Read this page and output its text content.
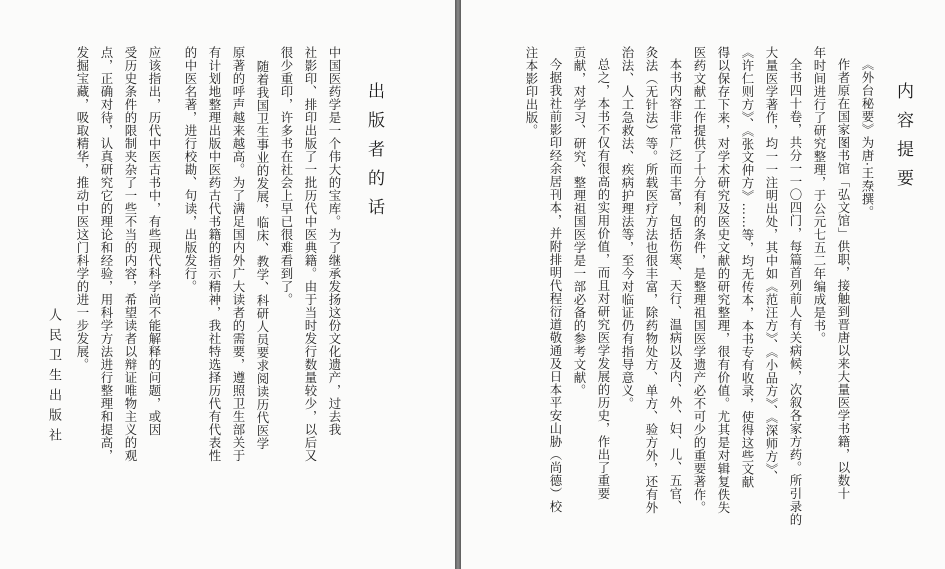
出版者的话
中国医药学是一个伟大的宝库。为了继承发扬这份文化遗产，过去我
社影印、排印出版了一批历代中医典籍。由于当时发行数量较少，以后又
很少重印，许多书在社会上早已很难看到了。
随着我国卫生事业的发展，临床、教学、科研人员要求阅读历代医学
原著的呼声越来越高。为了满足国内外广大读者的需要，遵照卫生部关于
有计划地整理出版中医药古代书籍的指示精神，我社特选择历代有代表性
的中医名著，进行校勘、句读，出版发行。
应该指出，历代中医古书中，有些现代科学尚不能解释的问题，或因
受历史条件的限制夹杂了一些不当的内容，希望读者以辩证唯物主义的观
点，正确对待，认真研究它的理论和经验，用科学方法进行整理和提高，
发掘宝藏，吸取精华，推动中医这门科学的进一步发展。
人民卫生出版社
内容提要
《外台秘要》为唐·王焘撰。
作者原在国家图书馆「弘文馆」供职，接触到晋唐以来大量医学书籍，以数十
年时间进行了研究整理，于公元七五二年编成是书。
全书四十卷，共分一一〇四门，每篇首列前人有关病候，次叙各家方药。所引录的
大量医学著作，均一一注明出处，其中如《范汪方》、《小品方》、《深师方》、
《许仁则方》、《张文仲方》……等，均无传本，本书专有收录，使得这些文献
得以保存下来，对学术研究及医史文献的研究整理，很有价值。尤其是对辑复佚失
医药文献工作提供了十分有利的条件，是整理祖国医学遗产必不可少的重要著作。
本书内容非常广泛而丰富，包括伤寒、天行、温病以及内、外、妇、儿、五官、
灸法（无针法）等。所载医疗方法也很丰富，除药物处方、单方、验方外，还有外
治法、人工急救法、疾病护理法等，至今对临证仍有指导意义。
总之，本书不仅有很高的实用价值，而且对研究医学发展的历史，作出了重要
贡献，对学习、研究、整理祖国医学是一部必备的参考文献。
今据我社前影印经余居刊本，并附排明代程衍道敬通及日本平安山胁（尚德）校
注本影印出版。
